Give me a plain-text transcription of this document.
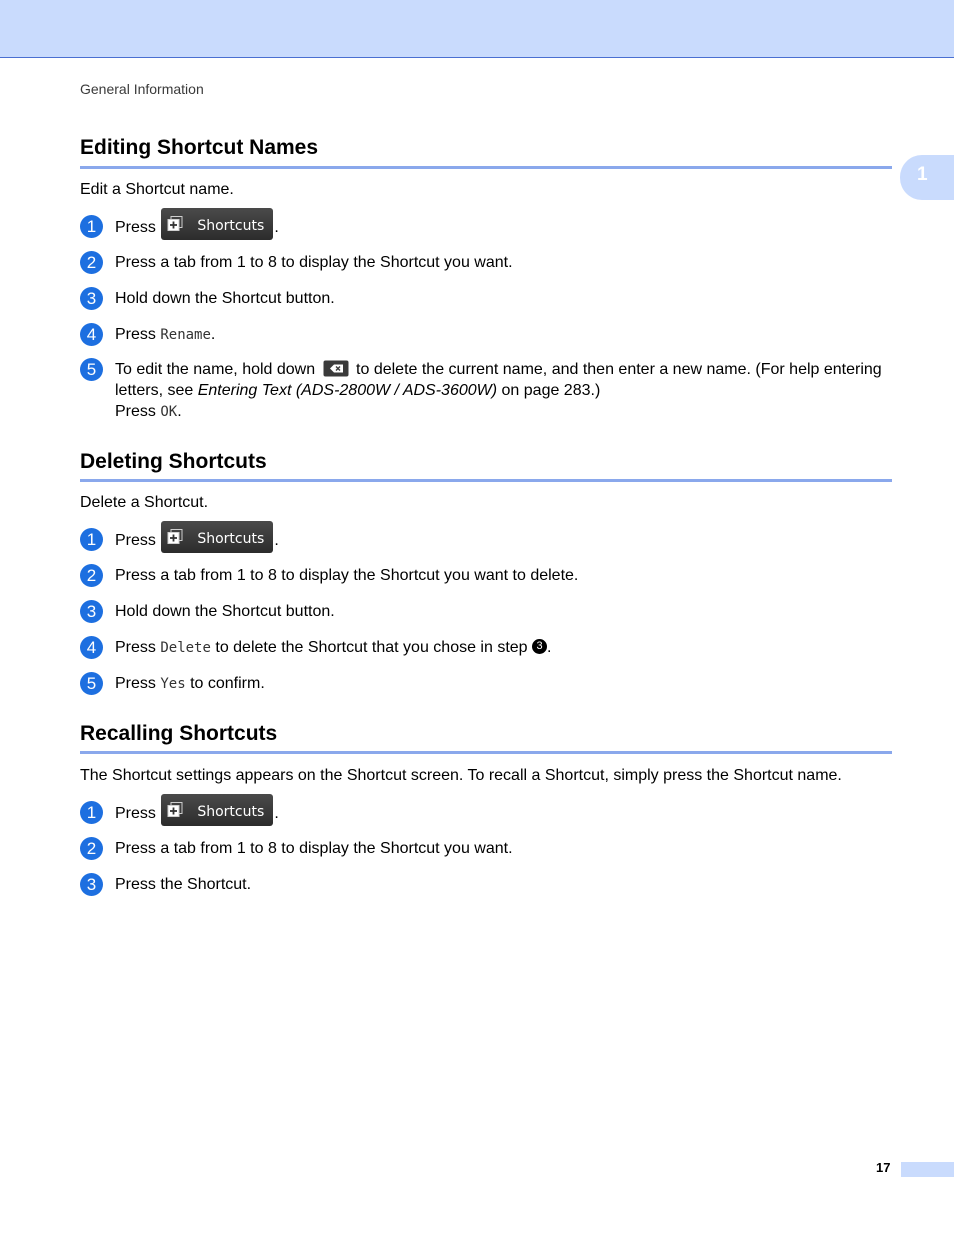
General Information
1
Editing Shortcut Names
Edit a Shortcut name.
1	Press	Shortcuts .
2	Press a tab from 1 to 8 to display the Shortcut you want.
3	Hold down the Shortcut button.
4	Press Rename.
5	To edit the name, hold down  to delete the current name, and then enter a new name. (For help entering letters, see Entering Text (ADS-2800W / ADS-3600W) on page 283.)
Press OK.
Deleting Shortcuts
Delete a Shortcut.
1	Press	Shortcuts .
2	Press a tab from 1 to 8 to display the Shortcut you want to delete.
3	Hold down the Shortcut button.
4	Press Delete to delete the Shortcut that you chose in step 3 .
5	Press Yes to confirm.
Recalling Shortcuts
The Shortcut settings appears on the Shortcut screen. To recall a Shortcut, simply press the Shortcut name.
1	Press	Shortcuts .
2	Press a tab from 1 to 8 to display the Shortcut you want.
3	Press the Shortcut.
17
